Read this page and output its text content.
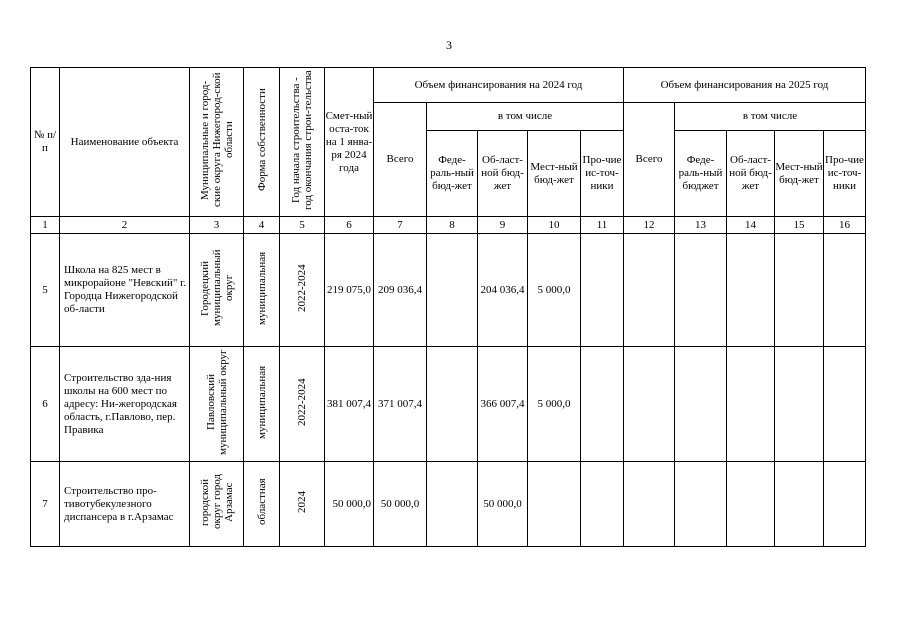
3
№ п/п	Наименование объекта	Муниципальные и город-ские округа Нижегород-ской области	Форма собственности	Год начала строительства - год окончания строи-тельства	Смет-ный оста-ток на 1 янва-ря 2024 года	Объем финансирования на 2024 год					Объем финансирования на 2025 год				
						Всего	в том числе				Всего	в том числе			
							Феде-раль-ный бюд-жет	Об-ласт-ной бюд-жет	Мест-ный бюд-жет	Про-чие ис-точ-ники		Феде-раль-ный бюджет	Об-ласт-ной бюд-жет	Мест-ный бюд-жет	Про-чие ис-точ-ники
1	2	3	4	5	6	7	8	9	10	11	12	13	14	15	16
5	Школа на 825 мест в микрорайоне "Невский" г. Городца Нижегородской об-ласти	Городецкий муниципальный округ	муниципальная	2022-2024	219 075,0	209 036,4		204 036,4	5 000,0						
6	Строительство зда-ния школы на 600 мест по адресу: Ни-жегородская область, г.Павлово, пер. Правика	Павловский муниципальный округ	муниципальная	2022-2024	381 007,4	371 007,4		366 007,4	5 000,0						
7	Строительство про-тивотубекулезного диспансера в г.Арзамас	городской округ город Арзамас	областная	2024	50 000,0	50 000,0		50 000,0							
